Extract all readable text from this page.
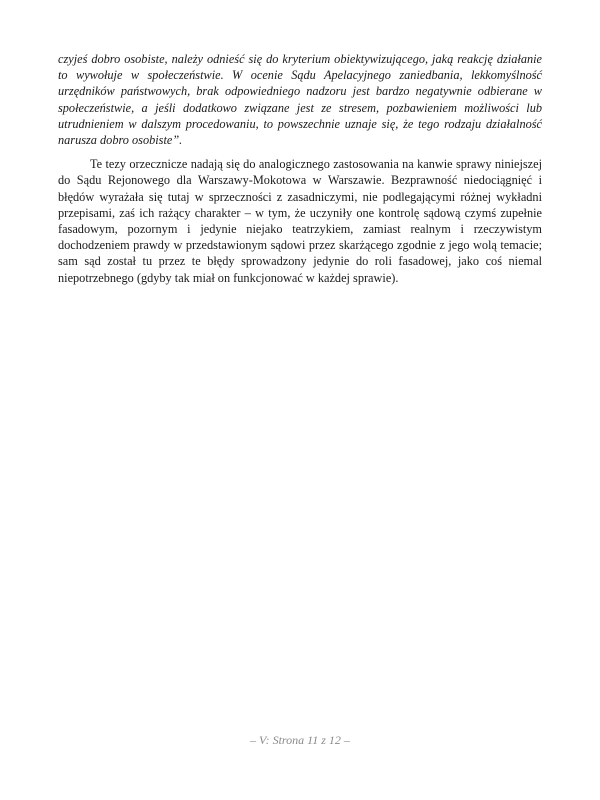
czyjeś dobro osobiste, należy odnieść się do kryterium obiektywizującego, jaką reakcję działanie to wywołuje w społeczeństwie. W ocenie Sądu Apelacyjnego zaniedbania, lekkomyślność urzędników państwowych, brak odpowiedniego nadzoru jest bardzo negatywnie odbierane w społeczeństwie, a jeśli dodatkowo związane jest ze stresem, pozbawieniem możliwości lub utrudnieniem w dalszym procedowaniu, to powszechnie uznaje się, że tego rodzaju działalność narusza dobro osobiste”.

Te tezy orzecznicze nadają się do analogicznego zastosowania na kanwie sprawy niniejszej do Sądu Rejonowego dla Warszawy-Mokotowa w Warszawie. Bezprawność niedociągnięć i błędów wyrażała się tutaj w sprzeczności z zasadniczymi, nie podlegającymi różnej wykładni przepisami, zaś ich rażący charakter – w tym, że uczyniły one kontrolę sądową czymś zupełnie fasadowym, pozornym i jedynie niejako teatrzykiem, zamiast realnym i rzeczywistym dochodzeniem prawdy w przedstawionym sądowi przez skarżącego zgodnie z jego wolą temacie; sam sąd został tu przez te błędy sprowadzony jedynie do roli fasadowej, jako coś niemal niepotrzebnego (gdyby tak miał on funkcjonować w każdej sprawie).

– V: Strona 11 z 12 –
